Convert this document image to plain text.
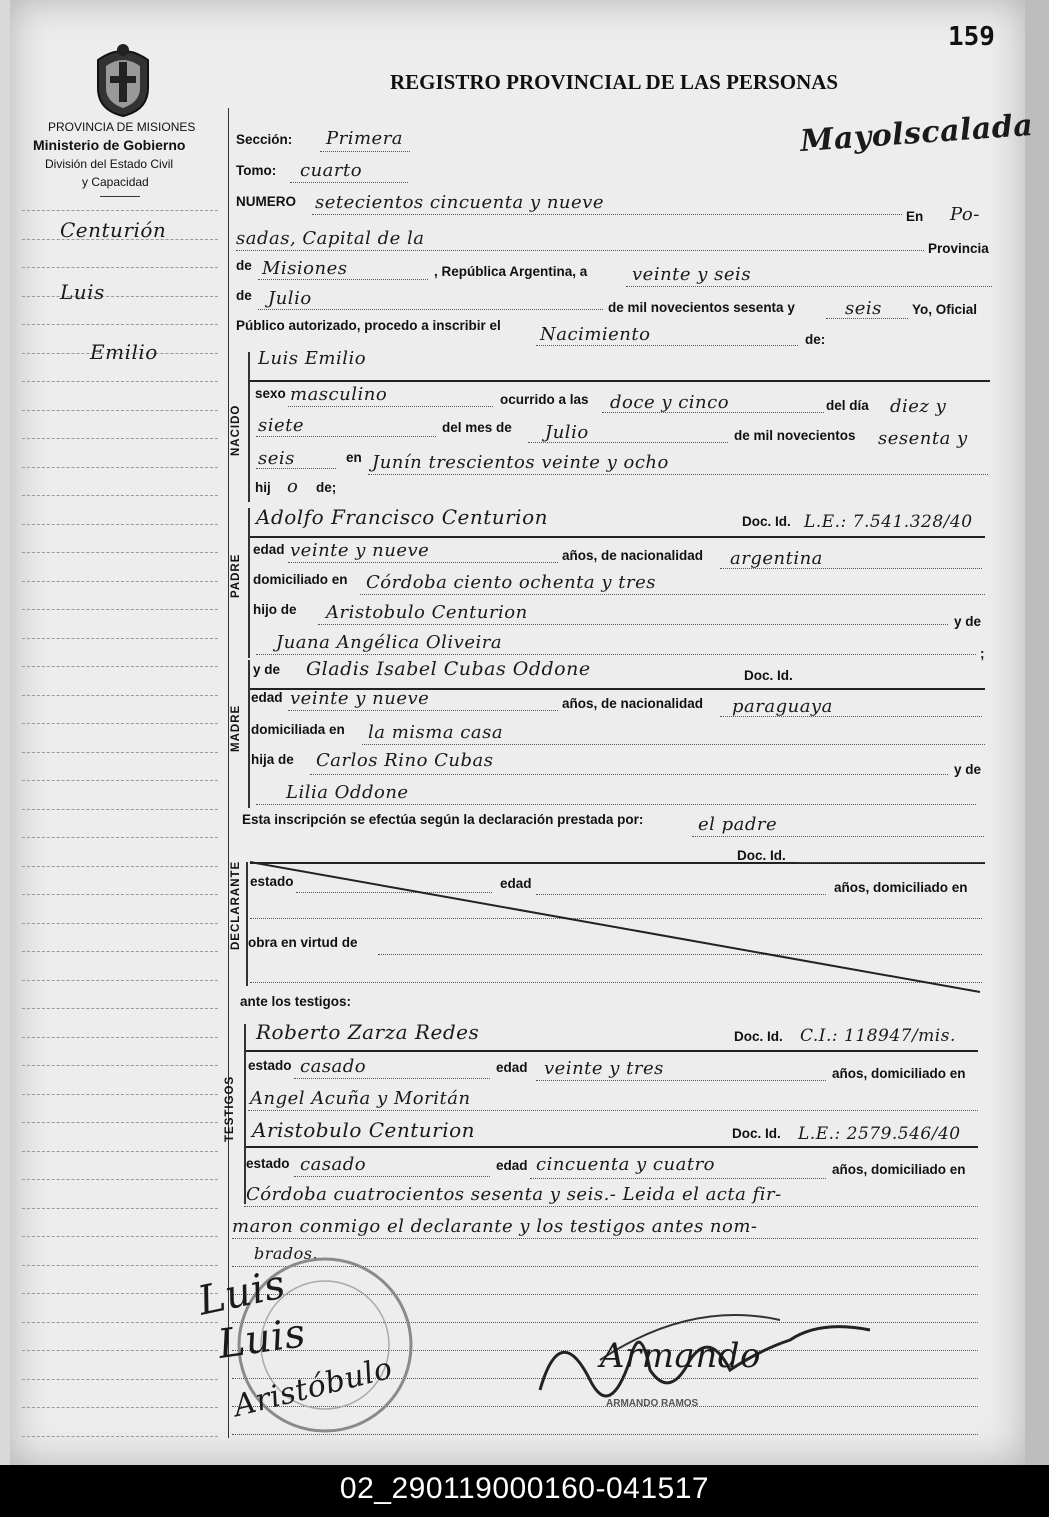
PROVINCIA DE MISIONES
Ministerio de Gobierno
División del Estado Civil
y Capacidad
REGISTRO PROVINCIAL DE LAS PERSONAS
159
Mayolscalada
Centurión
Luis
Emilio
Sección: Primera
Tomo: cuarto
NUMERO setecientos cincuenta y nueve
En Po-
sadas, Capital de la	Provincia
de Misiones	, República Argentina, a veinte y seis
de Julio	de mil novecientos sesenta y	seis Yo, Oficial
Público autorizado, procedo a inscribir el Nacimiento	de:
Luis Emilio
NACIDO
sexo masculino	ocurrido a las doce y cinco	del día diez y
siete	del mes de Julio	de mil novecientos sesenta y
seis	en Junín trescientos veinte y ocho
hij o de;
Adolfo Francisco Centurion	Doc. Id. L.E.: 7.541.328/40
PADRE
edad veinte y nueve	años, de nacionalidad argentina
domiciliado en Córdoba ciento ochenta y tres
hijo de Aristobulo Centurion	y de
Juana Angélica Oliveira
;
y de Gladis Isabel Cubas Oddone	Doc. Id.
MADRE
edad veinte y nueve	años, de nacionalidad paraguaya
domiciliada en la misma casa
hija de Carlos Rino Cubas	y de
Lilia Oddone
Esta inscripción se efectúa según la declaración prestada por:	el padre
Doc. Id.
DECLARANTE estado	edad	años, domiciliado en
obra en virtud de
ante los testigos:
Roberto Zarza Redes	Doc. Id. C.I.: 118947/mis.
TESTIGOS
estado casado	edad veinte y tres	años, domiciliado en
Angel Acuña y Moritán
Aristobulo Centurion	Doc. Id. L.E.: 2579.546/40
estado casado	edad cincuenta y cuatro	años, domiciliado en
Córdoba cuatrocientos sesenta y seis.- Leida el acta fir-
maron conmigo el declarante y los testigos antes nom-
brados.
Luis
Luis
Aristóbulo	Armando
ARMANDO RAMOS
02_290119000160-041517
